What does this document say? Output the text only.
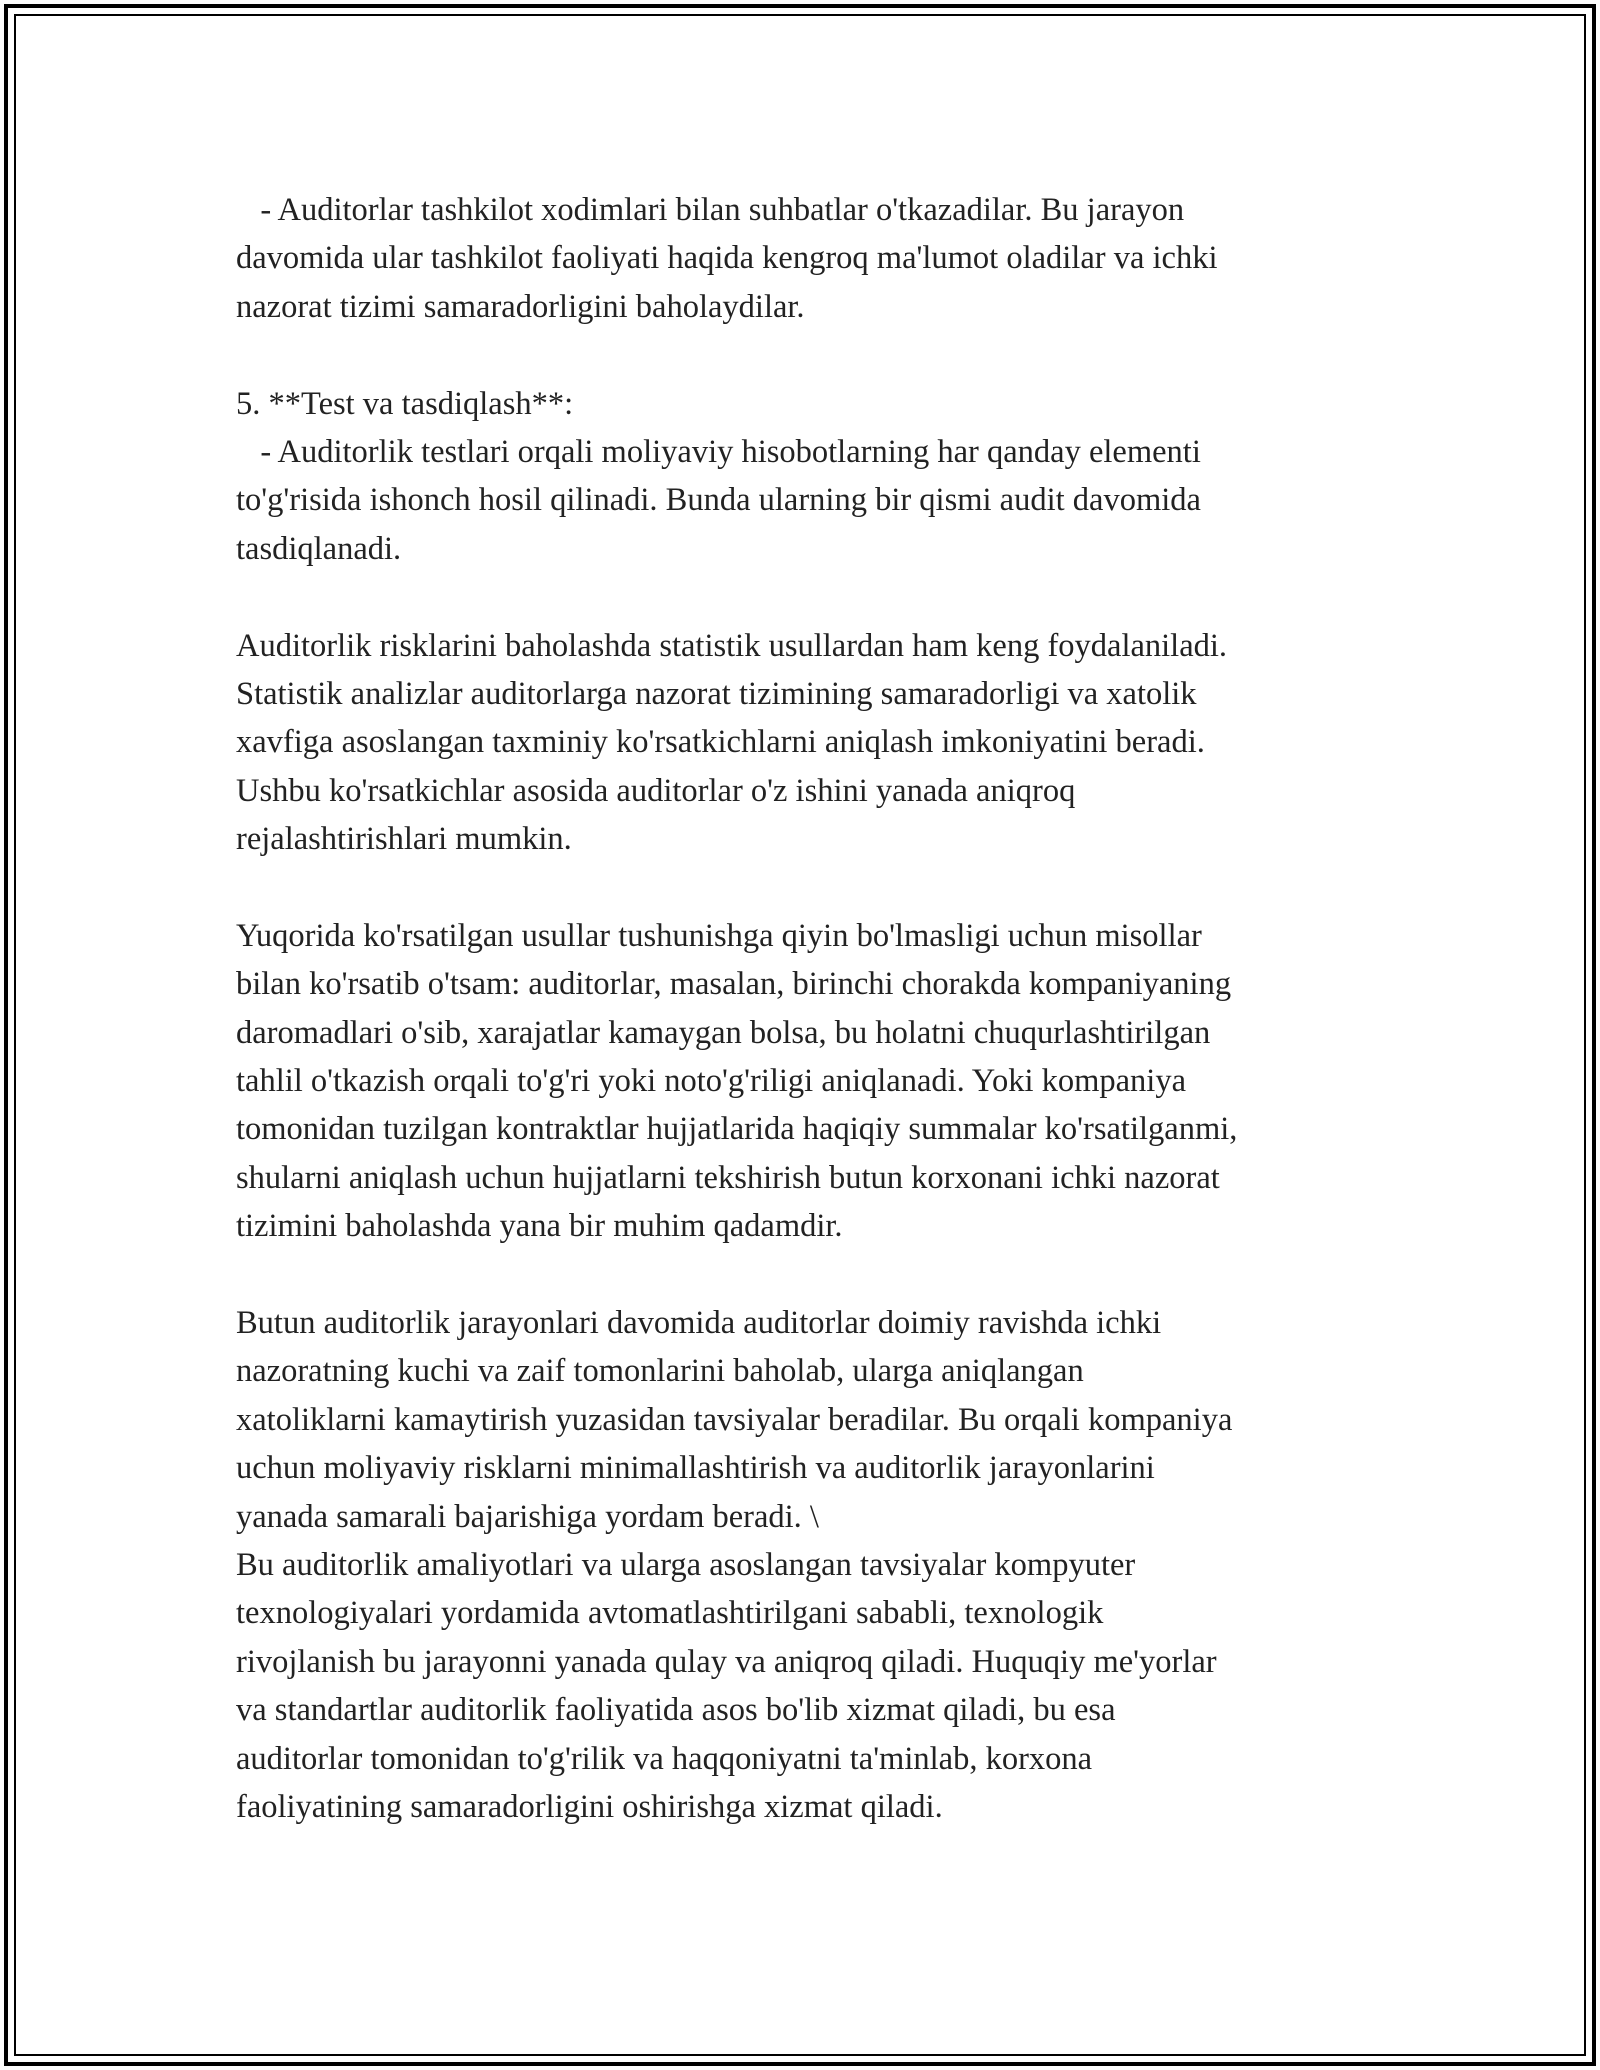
- Auditorlar tashkilot xodimlari bilan suhbatlar o'tkazadilar. Bu jarayon
davomida ular tashkilot faoliyati haqida kengroq ma'lumot oladilar va ichki
nazorat tizimi samaradorligini baholaydilar.
5. **Test va tasdiqlash**:
- Auditorlik testlari orqali moliyaviy hisobotlarning har qanday elementi
to'g'risida ishonch hosil qilinadi. Bunda ularning bir qismi audit davomida
tasdiqlanadi.
Auditorlik risklarini baholashda statistik usullardan ham keng foydalaniladi.
Statistik analizlar auditorlarga nazorat tizimining samaradorligi va xatolik
xavfiga asoslangan taxminiy ko'rsatkichlarni aniqlash imkoniyatini beradi.
Ushbu ko'rsatkichlar asosida auditorlar o'z ishini yanada aniqroq
rejalashtirishlari mumkin.
Yuqorida ko'rsatilgan usullar tushunishga qiyin bo'lmasligi uchun misollar
bilan ko'rsatib o'tsam: auditorlar, masalan, birinchi chorakda kompaniyaning
daromadlari o'sib, xarajatlar kamaygan bolsa, bu holatni chuqurlashtirilgan
tahlil o'tkazish orqali to'g'ri yoki noto'g'riligi aniqlanadi. Yoki kompaniya
tomonidan tuzilgan kontraktlar hujjatlarida haqiqiy summalar ko'rsatilganmi,
shularni aniqlash uchun hujjatlarni tekshirish butun korxonani ichki nazorat
tizimini baholashda yana bir muhim qadamdir.
Butun auditorlik jarayonlari davomida auditorlar doimiy ravishda ichki
nazoratning kuchi va zaif tomonlarini baholab, ularga aniqlangan
xatoliklarni kamaytirish yuzasidan tavsiyalar beradilar. Bu orqali kompaniya
uchun moliyaviy risklarni minimallashtirish va auditorlik jarayonlarini
yanada samarali bajarishiga yordam beradi. \
Bu auditorlik amaliyotlari va ularga asoslangan tavsiyalar kompyuter
texnologiyalari yordamida avtomatlashtirilgani sababli, texnologik
rivojlanish bu jarayonni yanada qulay va aniqroq qiladi. Huquqiy me'yorlar
va standartlar auditorlik faoliyatida asos bo'lib xizmat qiladi, bu esa
auditorlar tomonidan to'g'rilik va haqqoniyatni ta'minlab, korxona
faoliyatining samaradorligini oshirishga xizmat qiladi.
